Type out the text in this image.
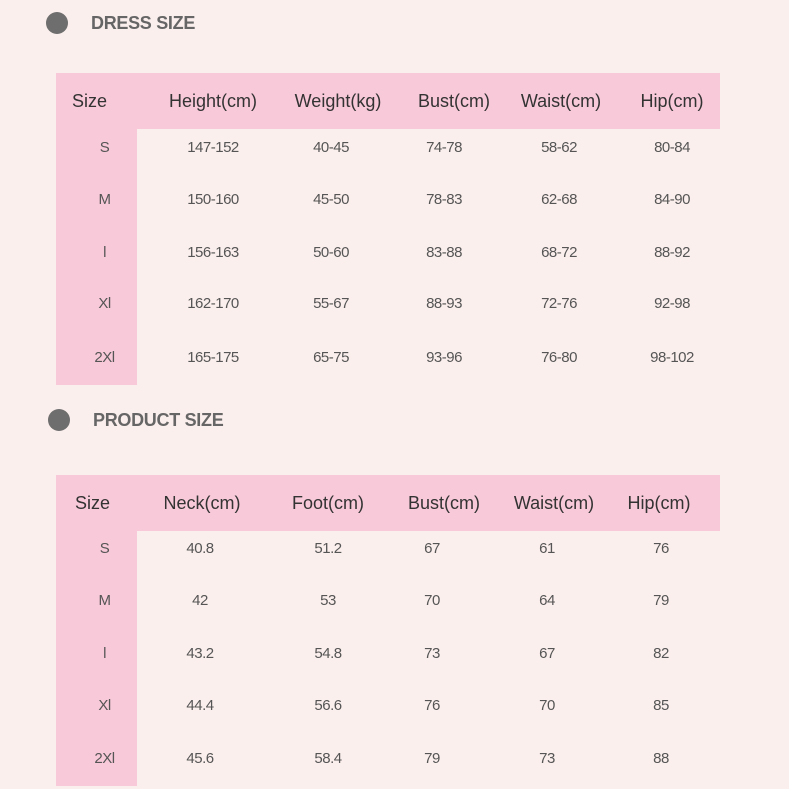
DRESS SIZE
Size	Height(cm)	Weight(kg)	Bust(cm)	Waist(cm)	Hip(cm)
S	147-152	40-45	74-78	58-62	80-84
M	150-160	45-50	78-83	62-68	84-90
l	156-163	50-60	83-88	68-72	88-92
Xl	162-170	55-67	88-93	72-76	92-98
2Xl	165-175	65-75	93-96	76-80	98-102
PRODUCT SIZE
Size	Neck(cm)	Foot(cm)	Bust(cm)	Waist(cm)	Hip(cm)
S	40.8	51.2	67	61	76
M	42	53	70	64	79
l	43.2	54.8	73	67	82
Xl	44.4	56.6	76	70	85
2Xl	45.6	58.4	79	73	88
